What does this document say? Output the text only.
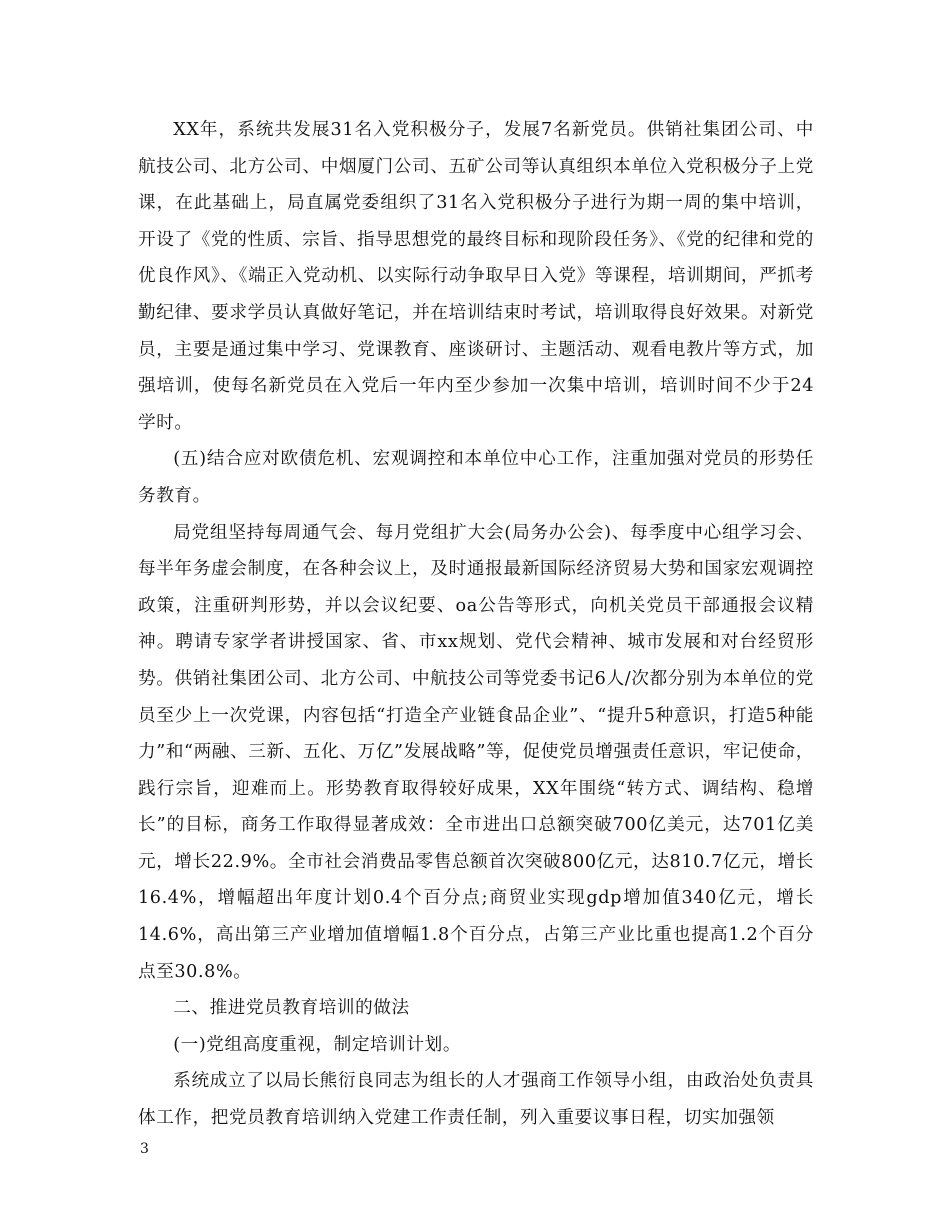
XX年，系统共发展31名入党积极分子，发展7名新党员。供销社集团公司、中航技公司、北方公司、中烟厦门公司、五矿公司等认真组织本单位入党积极分子上党课，在此基础上，局直属党委组织了31名入党积极分子进行为期一周的集中培训，开设了《党的性质、宗旨、指导思想党的最终目标和现阶段任务》、《党的纪律和党的优良作风》、《端正入党动机、以实际行动争取早日入党》等课程，培训期间，严抓考勤纪律、要求学员认真做好笔记，并在培训结束时考试，培训取得良好效果。对新党员，主要是通过集中学习、党课教育、座谈研讨、主题活动、观看电教片等方式，加强培训，使每名新党员在入党后一年内至少参加一次集中培训，培训时间不少于24学时。

(五)结合应对欧债危机、宏观调控和本单位中心工作，注重加强对党员的形势任务教育。

局党组坚持每周通气会、每月党组扩大会(局务办公会)、每季度中心组学习会、每半年务虚会制度，在各种会议上，及时通报最新国际经济贸易大势和国家宏观调控政策，注重研判形势，并以会议纪要、oa公告等形式，向机关党员干部通报会议精神。聘请专家学者讲授国家、省、市xx规划、党代会精神、城市发展和对台经贸形势。供销社集团公司、北方公司、中航技公司等党委书记6人/次都分别为本单位的党员至少上一次党课，内容包括“打造全产业链食品企业”、“提升5种意识，打造5种能力”和“两融、三新、五化、万亿”发展战略”等，促使党员增强责任意识，牢记使命，践行宗旨，迎难而上。形势教育取得较好成果，XX年围绕“转方式、调结构、稳增长”的目标，商务工作取得显著成效：全市进出口总额突破700亿美元，达701亿美元，增长22.9%。全市社会消费品零售总额首次突破800亿元，达810.7亿元，增长16.4%，增幅超出年度计划0.4个百分点;商贸业实现gdp增加值340亿元，增长14.6%，高出第三产业增加值增幅1.8个百分点，占第三产业比重也提高1.2个百分点至30.8%。

二、推进党员教育培训的做法

(一)党组高度重视，制定培训计划。

系统成立了以局长熊衍良同志为组长的人才强商工作领导小组，由政治处负责具体工作，把党员教育培训纳入党建工作责任制，列入重要议事日程，切实加强领

3
